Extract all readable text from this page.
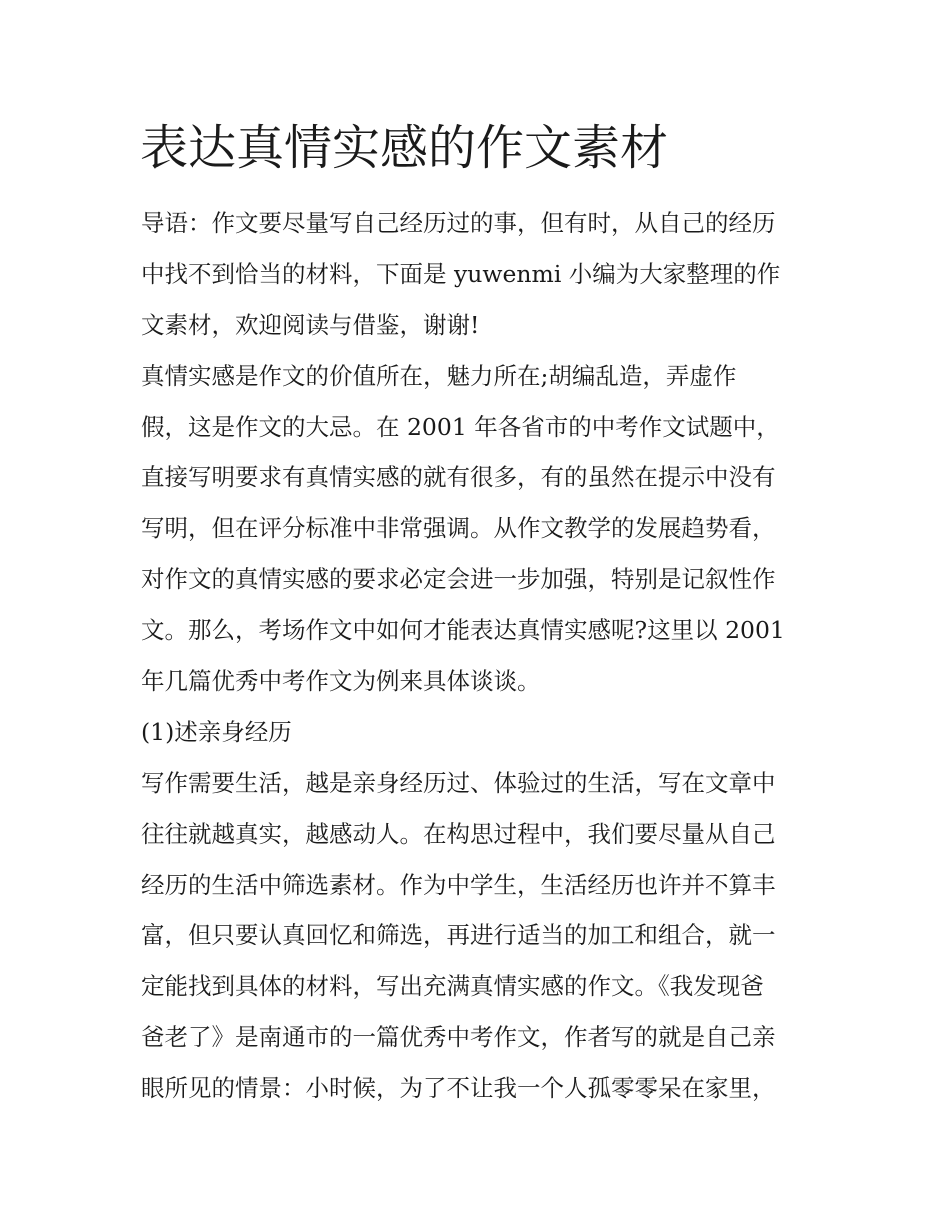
表达真情实感的作文素材
导语：作文要尽量写自己经历过的事，但有时，从自己的经历
中找不到恰当的材料，下面是 yuwenmi 小编为大家整理的作
文素材，欢迎阅读与借鉴，谢谢!
真情实感是作文的价值所在，魅力所在;胡编乱造，弄虚作
假，这是作文的大忌。在 2001 年各省市的中考作文试题中，
直接写明要求有真情实感的就有很多，有的虽然在提示中没有
写明，但在评分标准中非常强调。从作文教学的发展趋势看，
对作文的真情实感的要求必定会进一步加强，特别是记叙性作
文。那么，考场作文中如何才能表达真情实感呢?这里以 2001
年几篇优秀中考作文为例来具体谈谈。
(1)述亲身经历
写作需要生活，越是亲身经历过、体验过的生活，写在文章中
往往就越真实，越感动人。在构思过程中，我们要尽量从自己
经历的生活中筛选素材。作为中学生，生活经历也许并不算丰
富，但只要认真回忆和筛选，再进行适当的加工和组合，就一
定能找到具体的材料，写出充满真情实感的作文。《我发现爸
爸老了》是南通市的一篇优秀中考作文，作者写的就是自己亲
眼所见的情景：小时候，为了不让我一个人孤零零呆在家里，
